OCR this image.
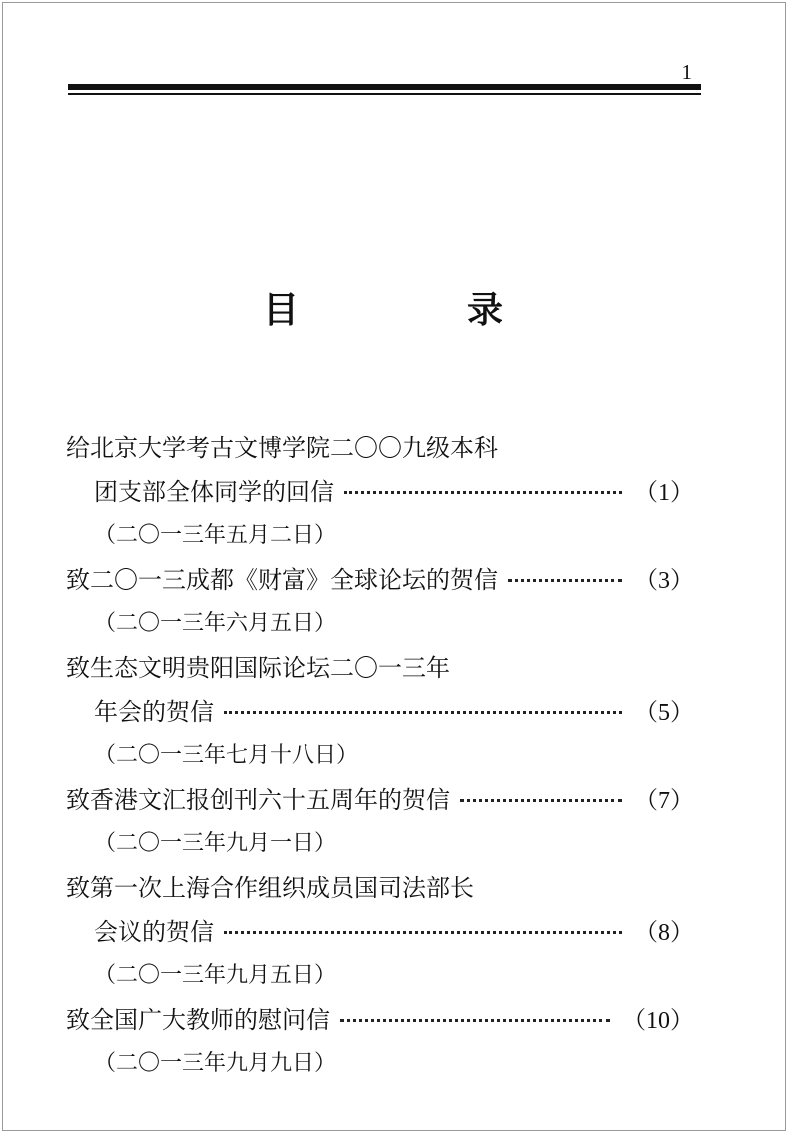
1
目　录
给北京大学考古文博学院二〇〇九级本科
团支部全体同学的回信	（1）
（二〇一三年五月二日）
致二〇一三成都《财富》全球论坛的贺信	（3）
（二〇一三年六月五日）
致生态文明贵阳国际论坛二〇一三年
年会的贺信	（5）
（二〇一三年七月十八日）
致香港文汇报创刊六十五周年的贺信	（7）
（二〇一三年九月一日）
致第一次上海合作组织成员国司法部长
会议的贺信	（8）
（二〇一三年九月五日）
致全国广大教师的慰问信	（10）
（二〇一三年九月九日）
